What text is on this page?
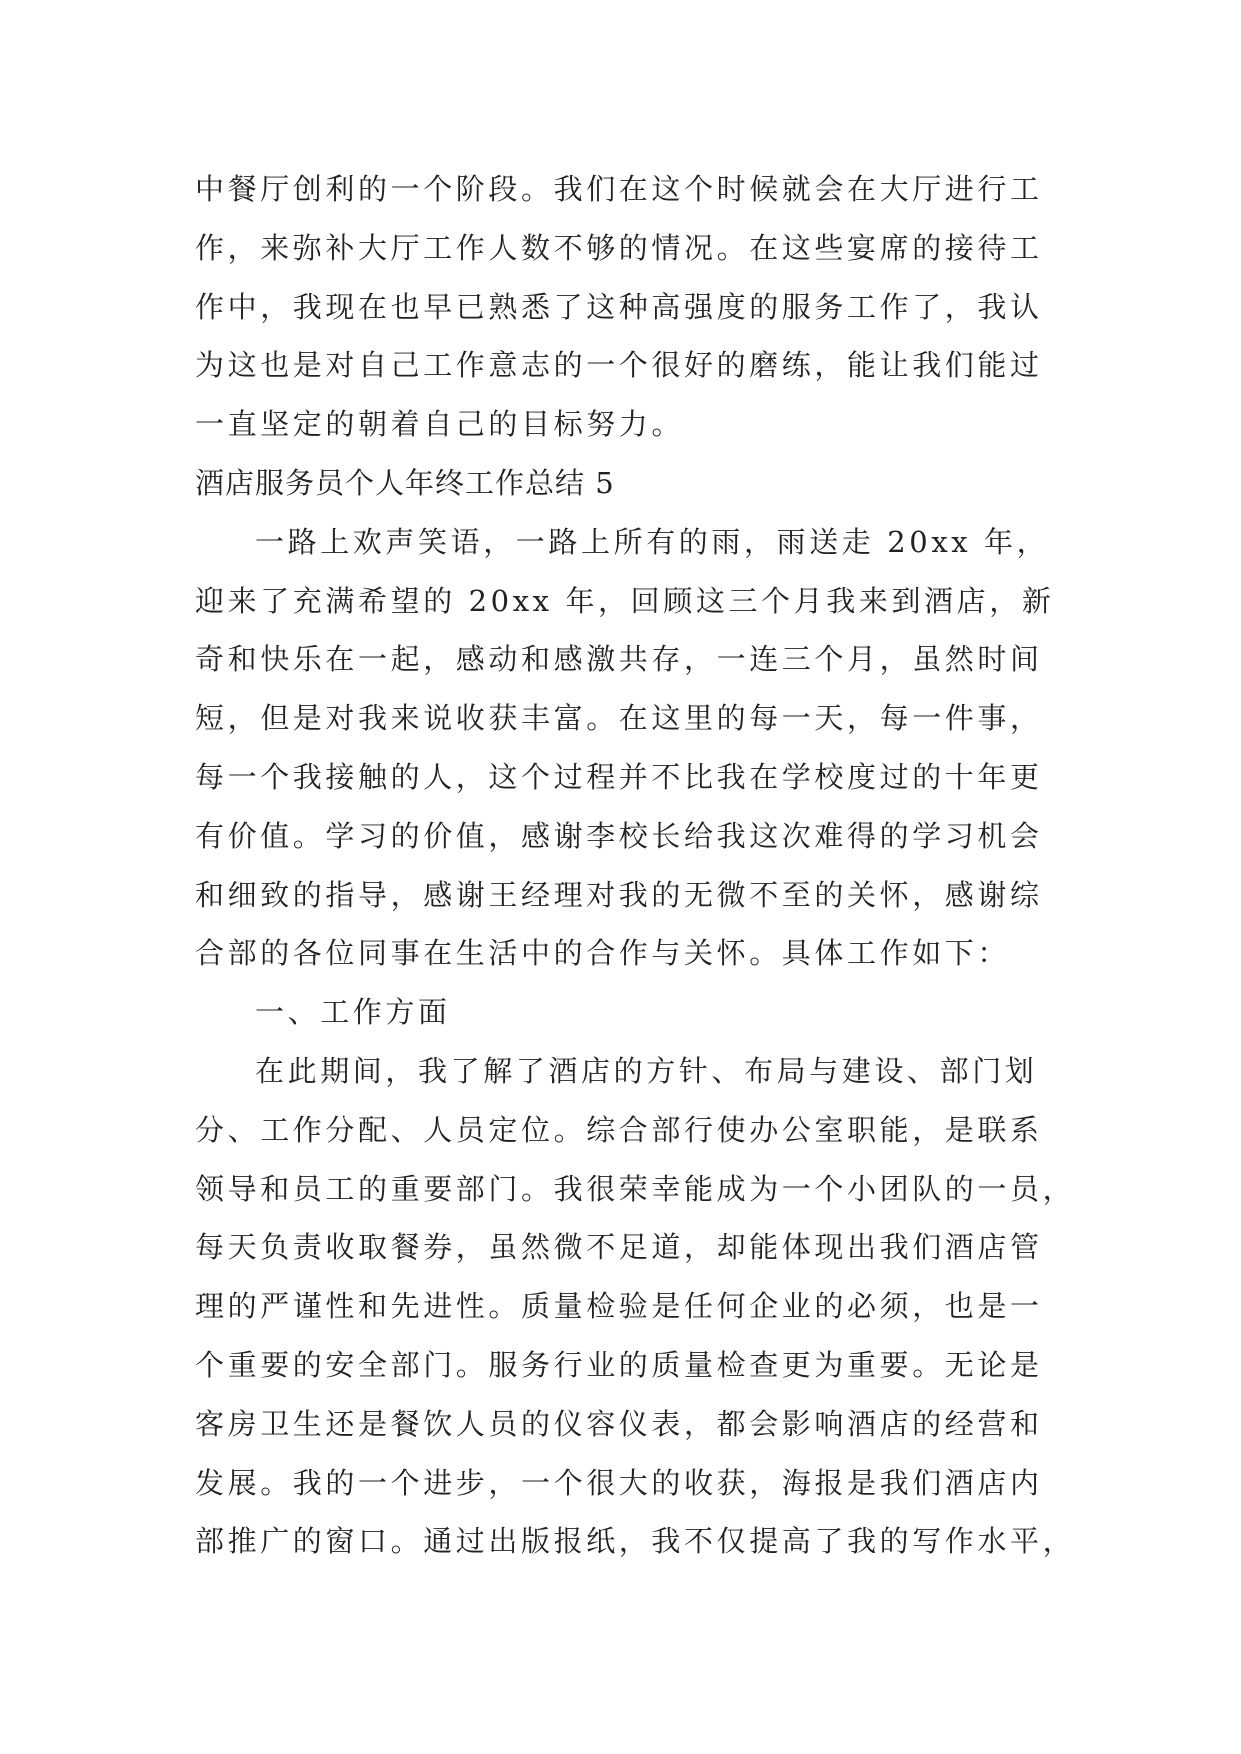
中餐厅创利的一个阶段。我们在这个时候就会在大厅进行工
作，来弥补大厅工作人数不够的情况。在这些宴席的接待工
作中，我现在也早已熟悉了这种高强度的服务工作了，我认
为这也是对自己工作意志的一个很好的磨练，能让我们能过
一直坚定的朝着自己的目标努力。
酒店服务员个人年终工作总结 5
一路上欢声笑语，一路上所有的雨，雨送走 20xx 年，
迎来了充满希望的 20xx 年，回顾这三个月我来到酒店，新
奇和快乐在一起，感动和感激共存，一连三个月，虽然时间
短，但是对我来说收获丰富。在这里的每一天，每一件事，
每一个我接触的人，这个过程并不比我在学校度过的十年更
有价值。学习的价值，感谢李校长给我这次难得的学习机会
和细致的指导，感谢王经理对我的无微不至的关怀，感谢综
合部的各位同事在生活中的合作与关怀。具体工作如下：
一、工作方面
在此期间，我了解了酒店的方针、布局与建设、部门划
分、工作分配、人员定位。综合部行使办公室职能，是联系
领导和员工的重要部门。我很荣幸能成为一个小团队的一员，
每天负责收取餐券，虽然微不足道，却能体现出我们酒店管
理的严谨性和先进性。质量检验是任何企业的必须，也是一
个重要的安全部门。服务行业的质量检查更为重要。无论是
客房卫生还是餐饮人员的仪容仪表，都会影响酒店的经营和
发展。我的一个进步，一个很大的收获，海报是我们酒店内
部推广的窗口。通过出版报纸，我不仅提高了我的写作水平，
